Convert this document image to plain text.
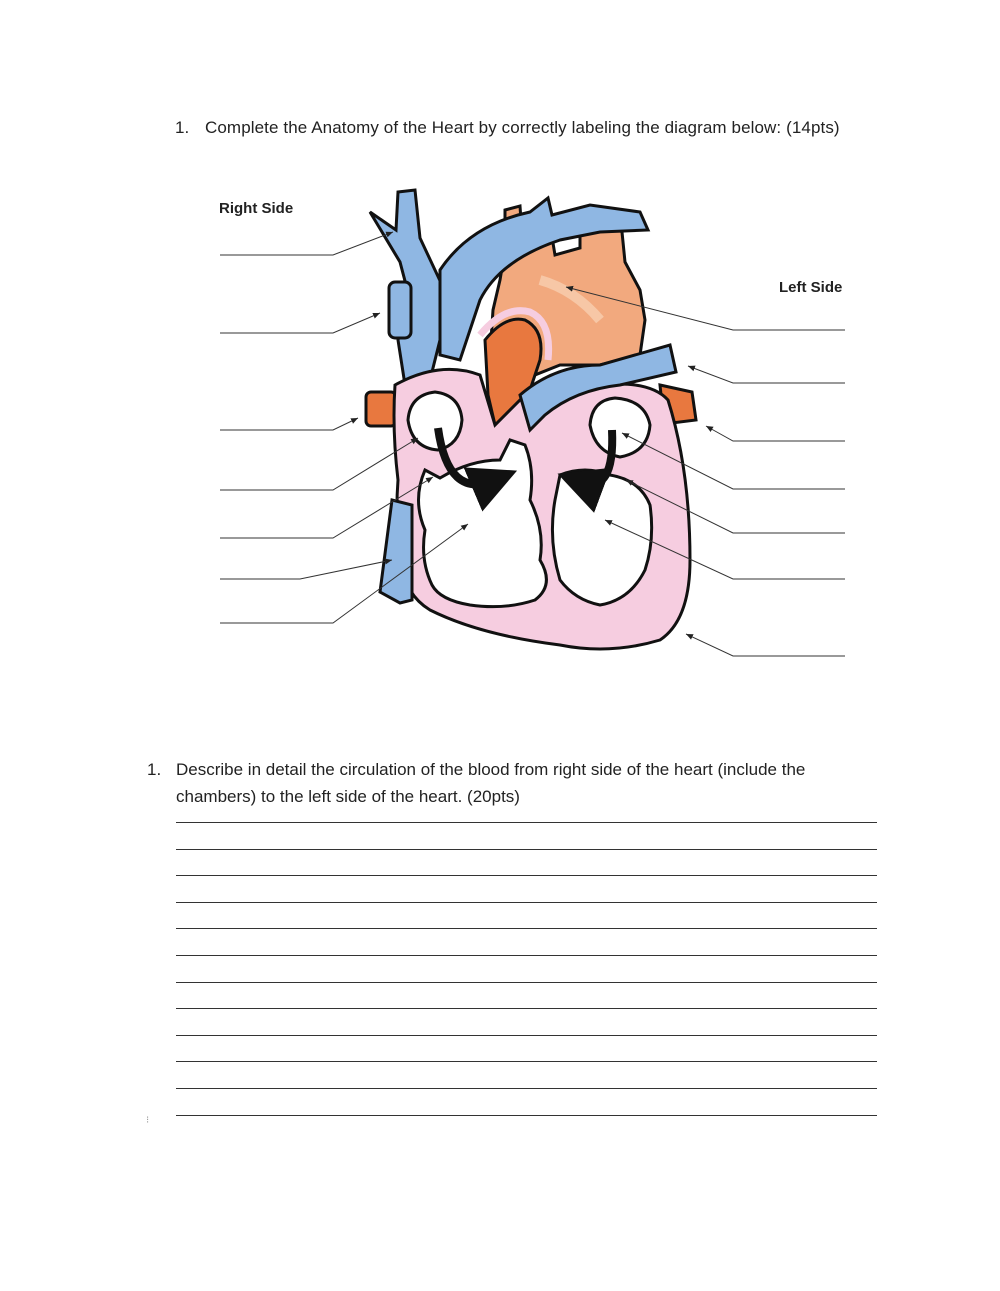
1. Complete the Anatomy of the Heart by correctly labeling the diagram below: (14pts)
Right Side
Left Side
1. Describe in detail the circulation of the blood from right side of the heart (include the chambers) to the left side of the heart. (20pts)
⁝
